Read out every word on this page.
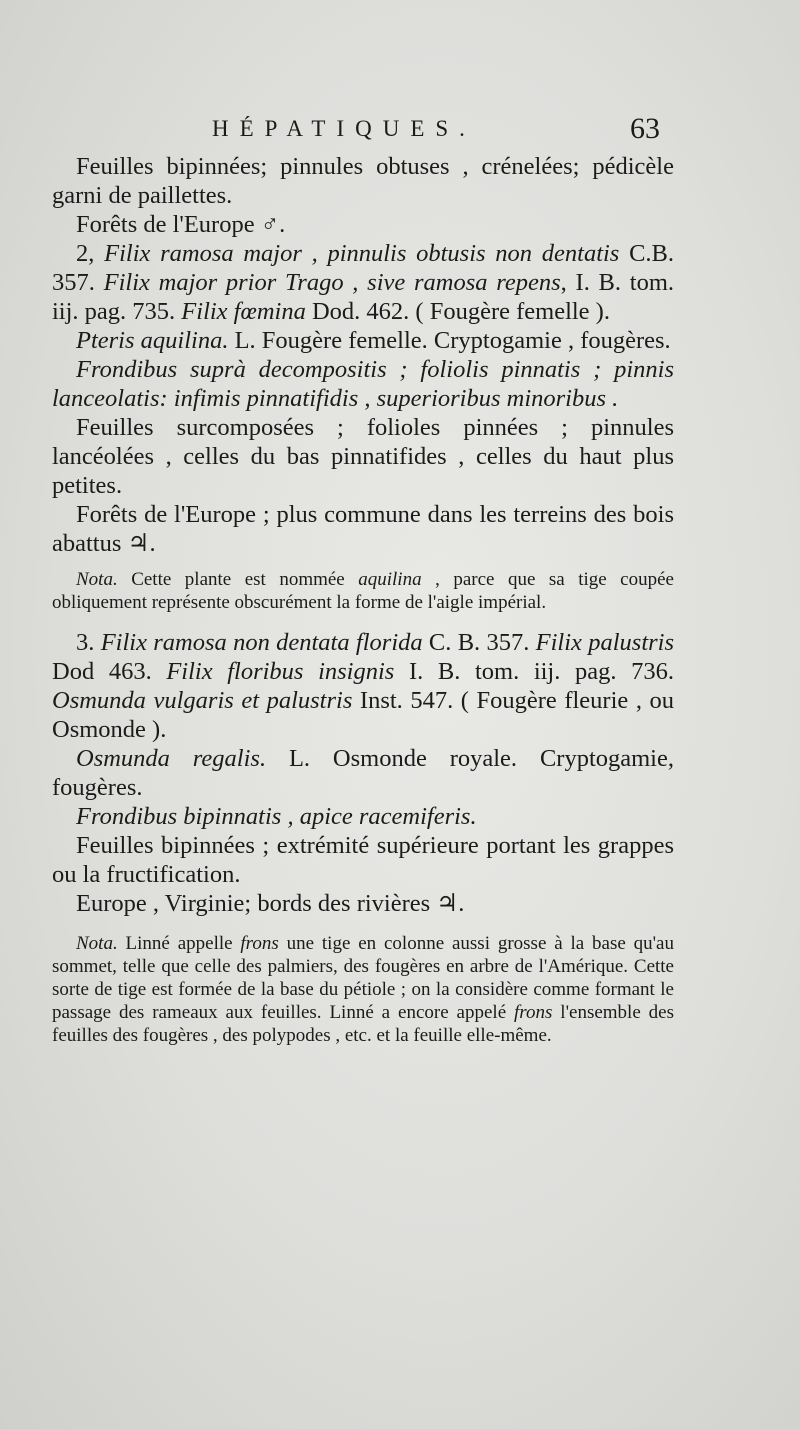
HÉPATIQUES.	63

Feuilles bipinnées; pinnules obtuses , crénelées; pédicèle garni de paillettes.

Forêts de l'Europe ♂.

2, Filix ramosa major , pinnulis obtusis non dentatis C.B. 357. Filix major prior Trago , sive ramosa repens, I. B. tom. iij. pag. 735. Filix fœmina Dod. 462. ( Fougère femelle ).

Pteris aquilina. L. Fougère femelle. Cryptogamie , fougères.

Frondibus suprà decompositis ; foliolis pinnatis ; pinnis lanceolatis: infimis pinnatifidis , superioribus minoribus .

Feuilles surcomposées ; folioles pinnées ; pinnules lancéolées , celles du bas pinnatifides , celles du haut plus petites.

Forêts de l'Europe ; plus commune dans les terreins des bois abattus ♃.

Nota. Cette plante est nommée aquilina , parce que sa tige coupée obliquement représente obscurément la forme de l'aigle impérial.

3. Filix ramosa non dentata florida C. B. 357. Filix palustris Dod 463. Filix floribus insignis I. B. tom. iij. pag. 736. Osmunda vulgaris et palustris Inst. 547. ( Fougère fleurie , ou Osmonde ).

Osmunda regalis. L. Osmonde royale. Cryptogamie, fougères.

Frondibus bipinnatis , apice racemiferis.

Feuilles bipinnées ; extrémité supérieure portant les grappes ou la fructification.

Europe , Virginie; bords des rivières ♃.

Nota. Linné appelle frons une tige en colonne aussi grosse à la base qu'au sommet, telle que celle des palmiers, des fougères en arbre de l'Amérique. Cette sorte de tige est formée de la base du pétiole ; on la considère comme formant le passage des rameaux aux feuilles. Linné a encore appelé frons l'ensemble des feuilles des fougères , des polypodes , etc. et la feuille elle-même.
